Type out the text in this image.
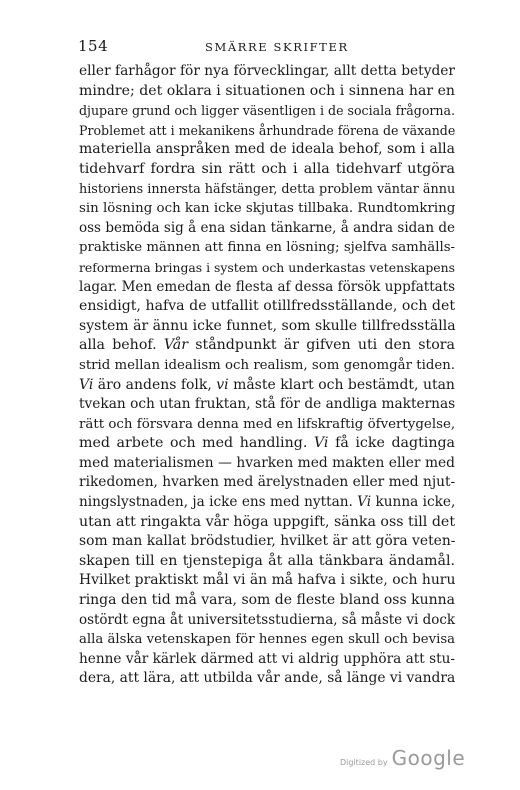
154	SMÄRRE SKRIFTER
eller farhågor för nya förvecklingar, allt detta betyder
mindre; det oklara i situationen och i sinnena har en
djupare grund och ligger väsentligen i de sociala frågorna.
Problemet att i mekanikens århundrade förena de växande
materiella anspråken med de ideala behof, som i alla
tidehvarf fordra sin rätt och i alla tidehvarf utgöra
historiens innersta häfstänger, detta problem väntar ännu
sin lösning och kan icke skjutas tillbaka. Rundtomkring
oss bemöda sig å ena sidan tänkarne, å andra sidan de
praktiske männen att finna en lösning; sjelfva samhälls-
reformerna bringas i system och underkastas vetenskapens
lagar. Men emedan de flesta af dessa försök uppfattats
ensidigt, hafva de utfallit otillfredsställande, och det
system är ännu icke funnet, som skulle tillfredsställa
alla behof. Vår ståndpunkt är gifven uti den stora
strid mellan idealism och realism, som genomgår tiden.
Vi äro andens folk, vi måste klart och bestämdt, utan
tvekan och utan fruktan, stå för de andliga makternas
rätt och försvara denna med en lifskraftig öfvertygelse,
med arbete och med handling. Vi få icke dagtinga
med materialismen — hvarken med makten eller med
rikedomen, hvarken med ärelystnaden eller med njut-
ningslystnaden, ja icke ens med nyttan. Vi kunna icke,
utan att ringakta vår höga uppgift, sänka oss till det
som man kallat brödstudier, hvilket är att göra veten-
skapen till en tjenstepiga åt alla tänkbara ändamål.
Hvilket praktiskt mål vi än må hafva i sikte, och huru
ringa den tid må vara, som de fleste bland oss kunna
ostördt egna åt universitetsstudierna, så måste vi dock
alla älska vetenskapen för hennes egen skull och bevisa
henne vår kärlek därmed att vi aldrig upphöra att stu-
dera, att lära, att utbilda vår ande, så länge vi vandra
Digitized by Google
